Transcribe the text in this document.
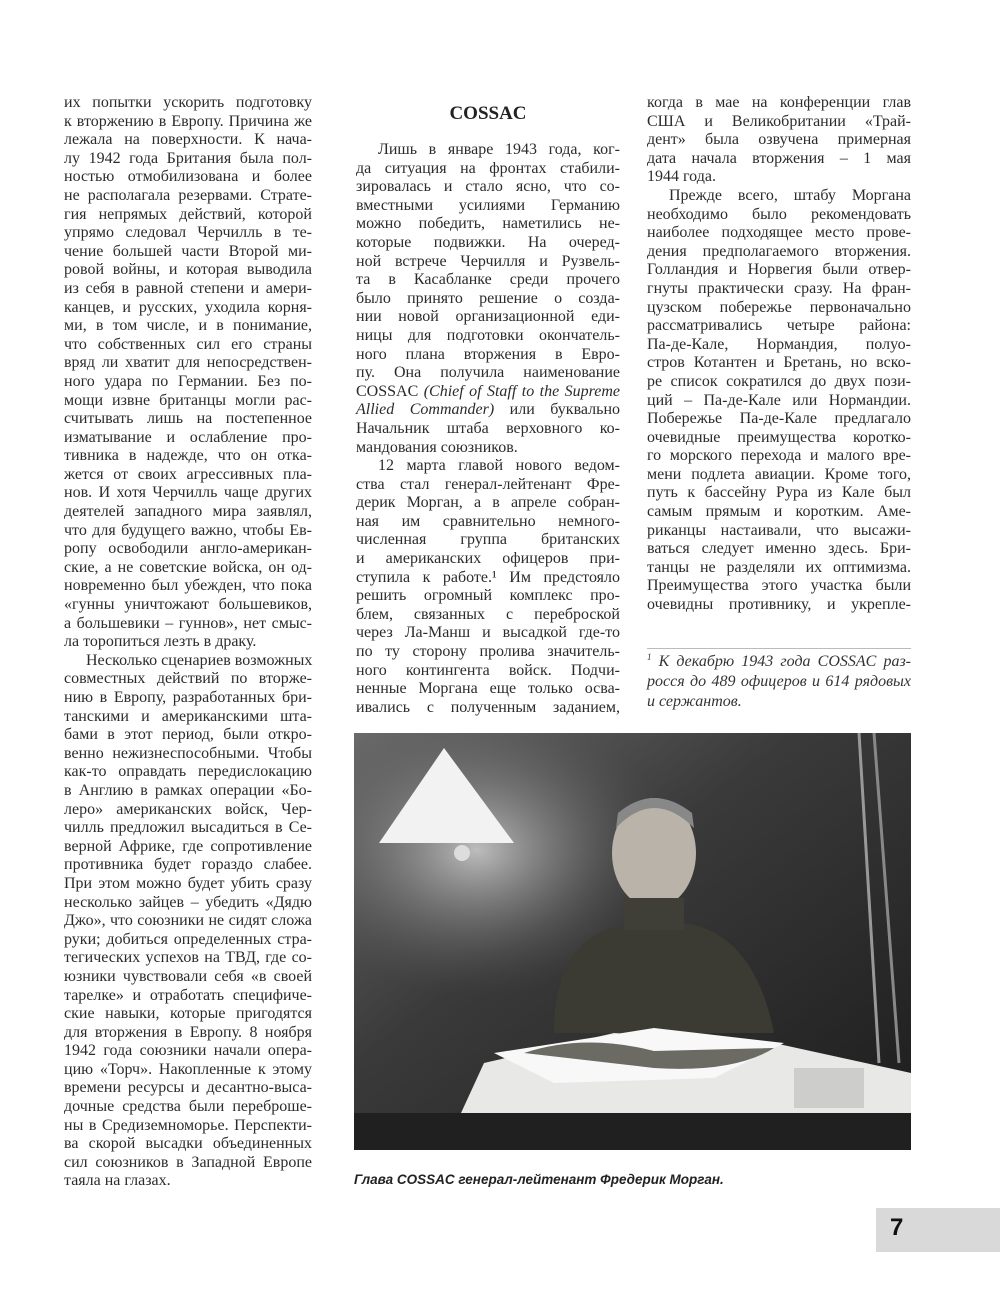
их попытки ускорить подготовку
к вторжению в Европу. Причина же
лежала на поверхности. К нача-
лу 1942 года Британия была пол-
ностью отмобилизована и более
не располагала резервами. Страте-
гия непрямых действий, которой
упрямо следовал Черчилль в те-
чение большей части Второй ми-
ровой войны, и которая выводила
из себя в равной степени и амери-
канцев, и русских, уходила корня-
ми, в том числе, и в понимание,
что собственных сил его страны
вряд ли хватит для непосредствен-
ного удара по Германии. Без по-
мощи извне британцы могли рас-
считывать лишь на постепенное
изматывание и ослабление про-
тивника в надежде, что он отка-
жется от своих агрессивных пла-
нов. И хотя Черчилль чаще других
деятелей западного мира заявлял,
что для будущего важно, чтобы Ев-
ропу освободили англо-американ-
ские, а не советские войска, он од-
новременно был убежден, что пока
«гунны уничтожают большевиков,
а большевики – гуннов», нет смыс-
ла торопиться лезть в драку.
Несколько сценариев возможных
совместных действий по вторже-
нию в Европу, разработанных бри-
танскими и американскими шта-
бами в этот период, были откро-
венно нежизнеспособными. Чтобы
как-то оправдать передислокацию
в Англию в рамках операции «Бо-
леро» американских войск, Чер-
чилль предложил высадиться в Се-
верной Африке, где сопротивление
противника будет гораздо слабее.
При этом можно будет убить сразу
несколько зайцев – убедить «Дядю
Джо», что союзники не сидят сложа
руки; добиться определенных стра-
тегических успехов на ТВД, где со-
юзники чувствовали себя «в своей
тарелке» и отработать специфиче-
ские навыки, которые пригодятся
для вторжения в Европу. 8 ноября
1942 года союзники начали опера-
цию «Торч». Накопленные к этому
времени ресурсы и десантно-выса-
дочные средства были переброше-
ны в Средиземноморье. Перспекти-
ва скорой высадки объединенных
сил союзников в Западной Европе
таяла на глазах.
COSSAC
Лишь в январе 1943 года, ког-
да ситуация на фронтах стабили-
зировалась и стало ясно, что со-
вместными усилиями Германию
можно победить, наметились не-
которые подвижки. На очеред-
ной встрече Черчилля и Рузвель-
та в Касабланке среди прочего
было принято решение о созда-
нии новой организационной еди-
ницы для подготовки окончатель-
ного плана вторжения в Евро-
пу. Она получила наименование
COSSAC (Chief of Staff to the Supreme
Allied Commander) или буквально
Начальник штаба верховного ко-
мандования союзников.
12 марта главой нового ведом-
ства стал генерал-лейтенант Фре-
дерик Морган, а в апреле собран-
ная им сравнительно немного-
численная группа британских
и американских офицеров при-
ступила к работе.¹ Им предстояло
решить огромный комплекс про-
блем, связанных с переброской
через Ла-Манш и высадкой где-то
по ту сторону пролива значитель-
ного контингента войск. Подчи-
ненные Моргана еще только осва-
ивались с полученным заданием,
когда в мае на конференции глав
США и Великобритании «Трай-
дент» была озвучена примерная
дата начала вторжения – 1 мая
1944 года.
Прежде всего, штабу Моргана
необходимо было рекомендовать
наиболее подходящее место прове-
дения предполагаемого вторжения.
Голландия и Норвегия были отвер-
гнуты практически сразу. На фран-
цузском побережье первоначально
рассматривались четыре района:
Па-де-Кале, Нормандия, полуо-
стров Котантен и Бретань, но вско-
ре список сократился до двух пози-
ций – Па-де-Кале или Нормандии.
Побережье Па-де-Кале предлагало
очевидные преимущества коротко-
го морского перехода и малого вре-
мени подлета авиации. Кроме того,
путь к бассейну Рура из Кале был
самым прямым и коротким. Аме-
риканцы настаивали, что высажи-
ваться следует именно здесь. Бри-
танцы не разделяли их оптимизма.
Преимущества этого участка были
очевидны противнику, и укрепле-
$^1$ К декабрю 1943 года COSSAC раз-
росся до 489 офицеров и 614 рядовых
и сержантов.
Глава COSSAC генерал-лейтенант Фредерик Морган.
7
